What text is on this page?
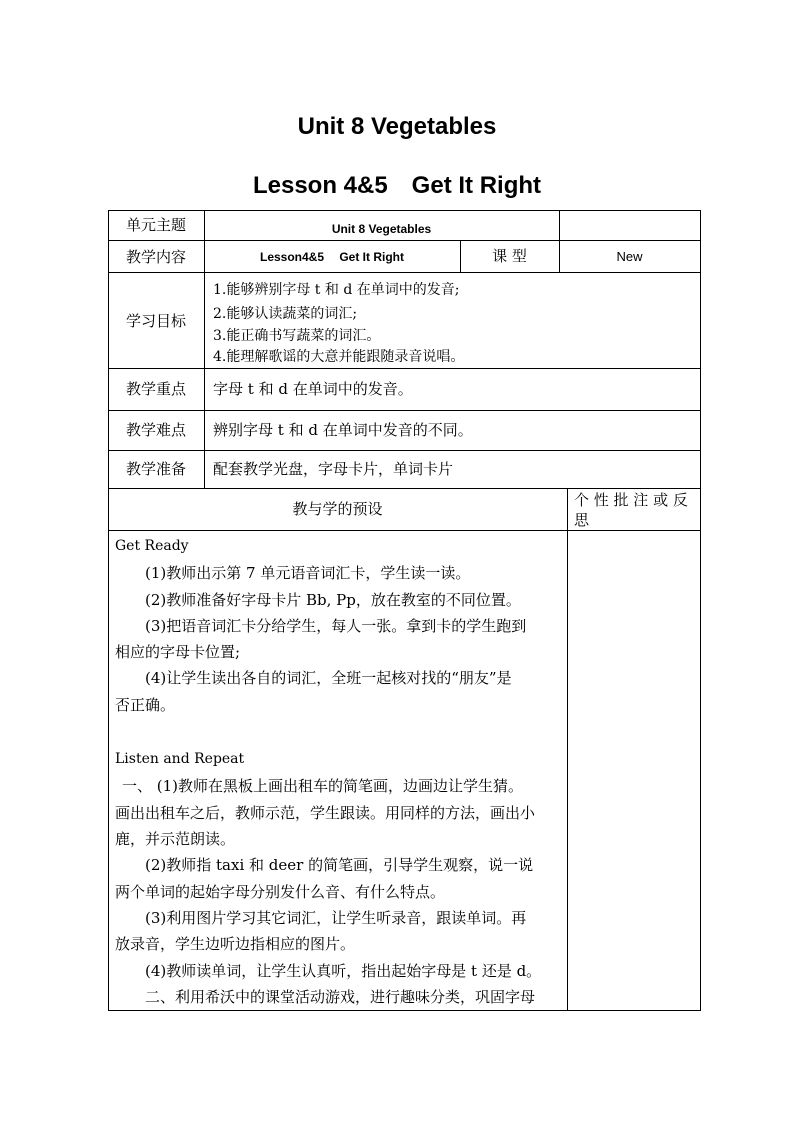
Unit 8 Vegetables
Lesson 4&5　Get It Right
单元主题	Unit 8 Vegetables
教学内容	Lesson4&5　 Get It Right	课 型	New
学习目标
1.能够辨别字母 t 和 d 在单词中的发音;
2.能够认读蔬菜的词汇;
3.能正确书写蔬菜的词汇。
4.能理解歌谣的大意并能跟随录音说唱。
教学重点	字母 t 和 d 在单词中的发音。
教学难点	辨别字母 t 和 d 在单词中发音的不同。
教学准备	配套教学光盘，字母卡片，单词卡片
教与学的预设	个 性 批 注 或 反
思
Get Ready
(1)教师出示第 7 单元语音词汇卡，学生读一读。
(2)教师准备好字母卡片 Bb, Pp，放在教室的不同位置。
(3)把语音词汇卡分给学生，每人一张。拿到卡的学生跑到
相应的字母卡位置;
(4)让学生读出各自的词汇，全班一起核对找的“朋友”是
否正确。
Listen and Repeat
一、 (1)教师在黑板上画出租车的简笔画，边画边让学生猜。
画出出租车之后，教师示范，学生跟读。用同样的方法，画出小
鹿，并示范朗读。
(2)教师指 taxi 和 deer 的简笔画，引导学生观察，说一说
两个单词的起始字母分别发什么音、有什么特点。
(3)利用图片学习其它词汇，让学生听录音，跟读单词。再
放录音，学生边听边指相应的图片。
(4)教师读单词，让学生认真听，指出起始字母是 t 还是 d。
二、利用希沃中的课堂活动游戏，进行趣味分类，巩固字母
